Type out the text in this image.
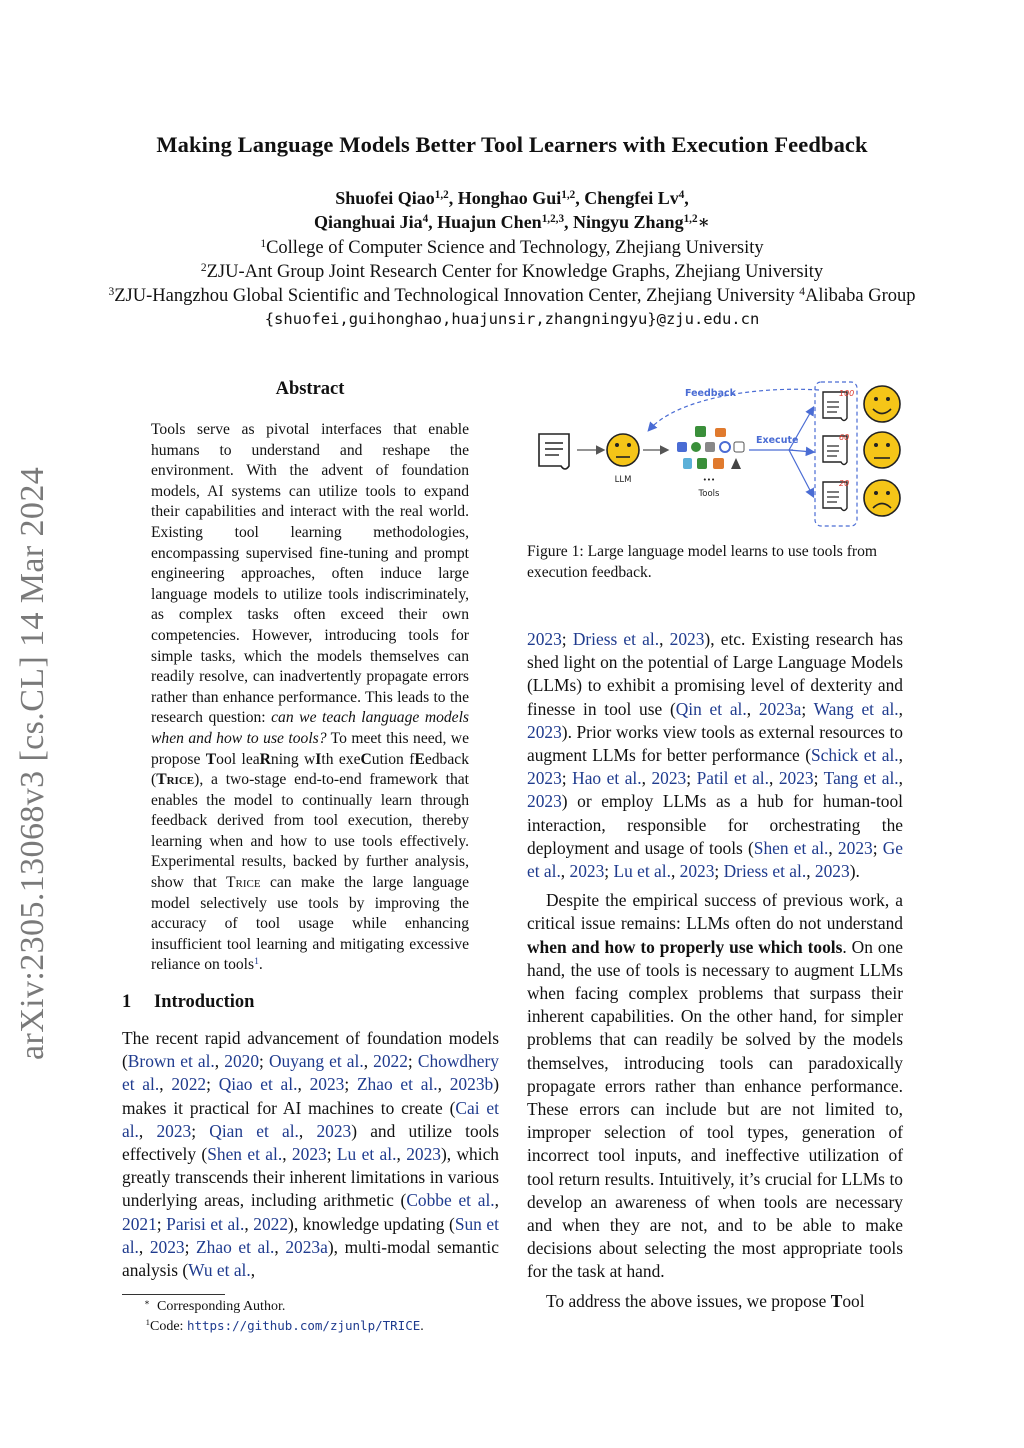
Making Language Models Better Tool Learners with Execution Feedback
Shuofei Qiao$^{1,2}$, Honghao Gui$^{1,2}$, Chengfei Lv$^4$,
Qianghuai Jia$^4$, Huajun Chen$^{1,2,3}$, Ningyu Zhang$^{1,2}$∗
$^1$College of Computer Science and Technology, Zhejiang University
$^2$ZJU-Ant Group Joint Research Center for Knowledge Graphs, Zhejiang University
$^3$ZJU-Hangzhou Global Scientific and Technological Innovation Center, Zhejiang University $^4$Alibaba Group
{shuofei,guihonghao,huajunsir,zhangningyu}@zju.edu.cn
arXiv:2305.13068v3 [cs.CL] 14 Mar 2024
Abstract

Tools serve as pivotal interfaces that enable humans to understand and reshape the environment. With the advent of foundation models, AI systems can utilize tools to expand their capabilities and interact with the real world. Existing tool learning methodologies, encompassing supervised fine-tuning and prompt engineering approaches, often induce large language models to utilize tools indiscriminately, as complex tasks often exceed their own competencies. However, introducing tools for simple tasks, which the models themselves can readily resolve, can inadvertently propagate errors rather than enhance performance. This leads to the research question: can we teach language models when and how to use tools? To meet this need, we propose Tool leaRning wIth exeCution fEedback (Trice), a two-stage end-to-end framework that enables the model to continually learn through feedback derived from tool execution, thereby learning when and how to use tools effectively. Experimental results, backed by further analysis, show that Trice can make the large language model selectively use tools by improving the accuracy of tool usage while enhancing insufficient tool learning and mitigating excessive reliance on tools$^1$.

1 Introduction

The recent rapid advancement of foundation models (Brown et al., 2020; Ouyang et al., 2022; Chowdhery et al., 2022; Qiao et al., 2023; Zhao et al., 2023b) makes it practical for AI machines to create (Cai et al., 2023; Qian et al., 2023) and utilize tools effectively (Shen et al., 2023; Lu et al., 2023), which greatly transcends their inherent limitations in various underlying areas, including arithmetic (Cobbe et al., 2021; Parisi et al., 2022), knowledge updating (Sun et al., 2023; Zhao et al., 2023a), multi-modal semantic analysis (Wu et al.,

2023; Driess et al., 2023), etc. Existing research has shed light on the potential of Large Language Models (LLMs) to exhibit a promising level of dexterity and finesse in tool use (Qin et al., 2023a; Wang et al., 2023). Prior works view tools as external resources to augment LLMs for better performance (Schick et al., 2023; Hao et al., 2023; Patil et al., 2023; Tang et al., 2023) or employ LLMs as a hub for human-tool interaction, responsible for orchestrating the deployment and usage of tools (Shen et al., 2023; Ge et al., 2023; Lu et al., 2023; Driess et al., 2023).

Despite the empirical success of previous work, a critical issue remains: LLMs often do not understand when and how to properly use which tools. On one hand, the use of tools is necessary to augment LLMs when facing complex problems that surpass their inherent capabilities. On the other hand, for simpler problems that can readily be solved by the models themselves, introducing tools can paradoxically propagate errors rather than enhance performance. These errors can include but are not limited to, improper selection of tool types, generation of incorrect tool inputs, and ineffective utilization of tool return results. Intuitively, it’s crucial for LLMs to develop an awareness of when tools are necessary and when they are not, and to be able to make decisions about selecting the most appropriate tools for the task at hand.

To address the above issues, we propose Tool

Feedback
LLM	•••
Tools
Execute
100
60
20
Figure 1: Large language model learns to use tools from execution feedback.
∗ Corresponding Author.
$^1$Code: https://github.com/zjunlp/TRICE.
